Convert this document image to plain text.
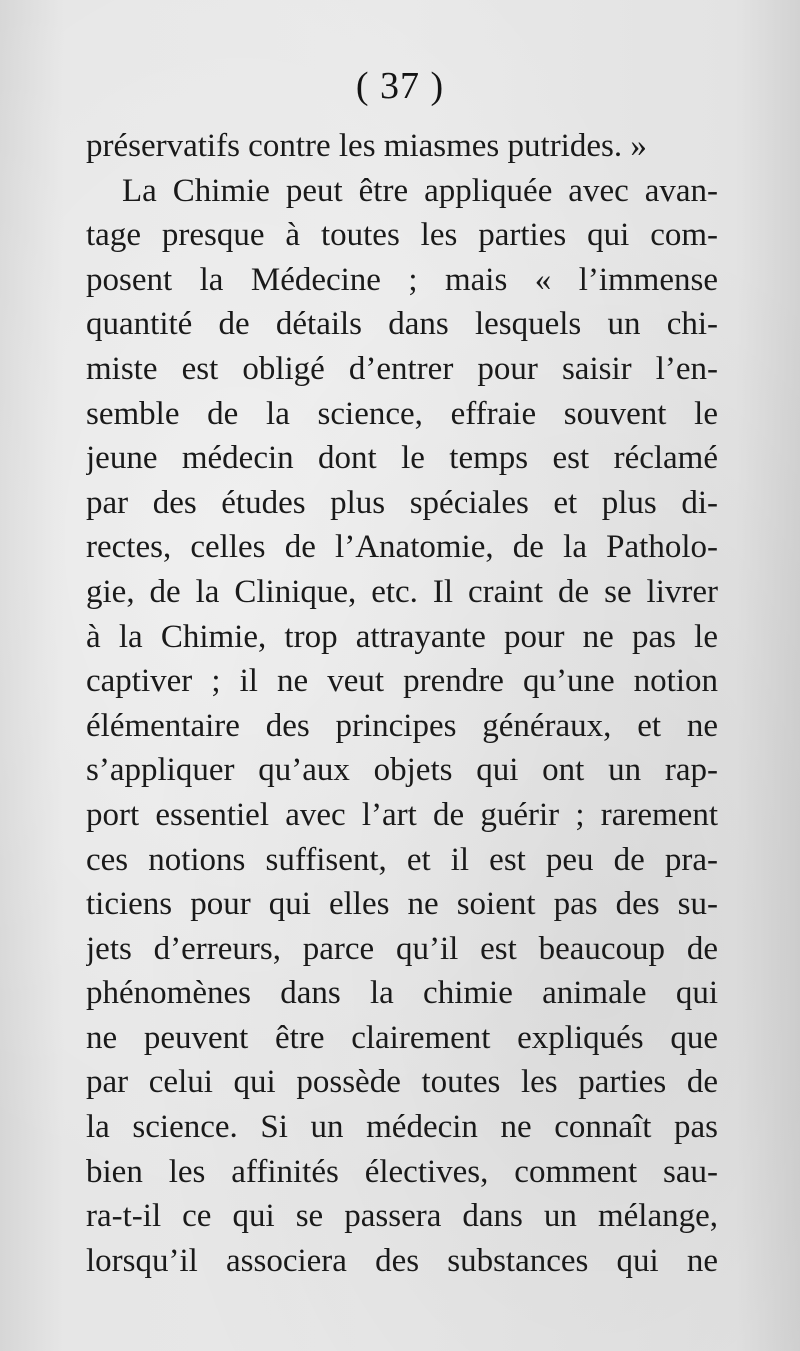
( 37 )
préservatifs contre les miasmes putrides. »
La Chimie peut être appliquée avec avan-
tage presque à toutes les parties qui com-
posent la Médecine ; mais « l’immense
quantité de détails dans lesquels un chi-
miste est obligé d’entrer pour saisir l’en-
semble de la science, effraie souvent le
jeune médecin dont le temps est réclamé
par des études plus spéciales et plus di-
rectes, celles de l’Anatomie, de la Patholo-
gie, de la Clinique, etc. Il craint de se livrer
à la Chimie, trop attrayante pour ne pas le
captiver ; il ne veut prendre qu’une notion
élémentaire des principes généraux, et ne
s’appliquer qu’aux objets qui ont un rap-
port essentiel avec l’art de guérir ; rarement
ces notions suffisent, et il est peu de pra-
ticiens pour qui elles ne soient pas des su-
jets d’erreurs, parce qu’il est beaucoup de
phénomènes dans la chimie animale qui
ne peuvent être clairement expliqués que
par celui qui possède toutes les parties de
la science. Si un médecin ne connaît pas
bien les affinités électives, comment sau-
ra-t-il ce qui se passera dans un mélange,
lorsqu’il associera des substances qui ne
